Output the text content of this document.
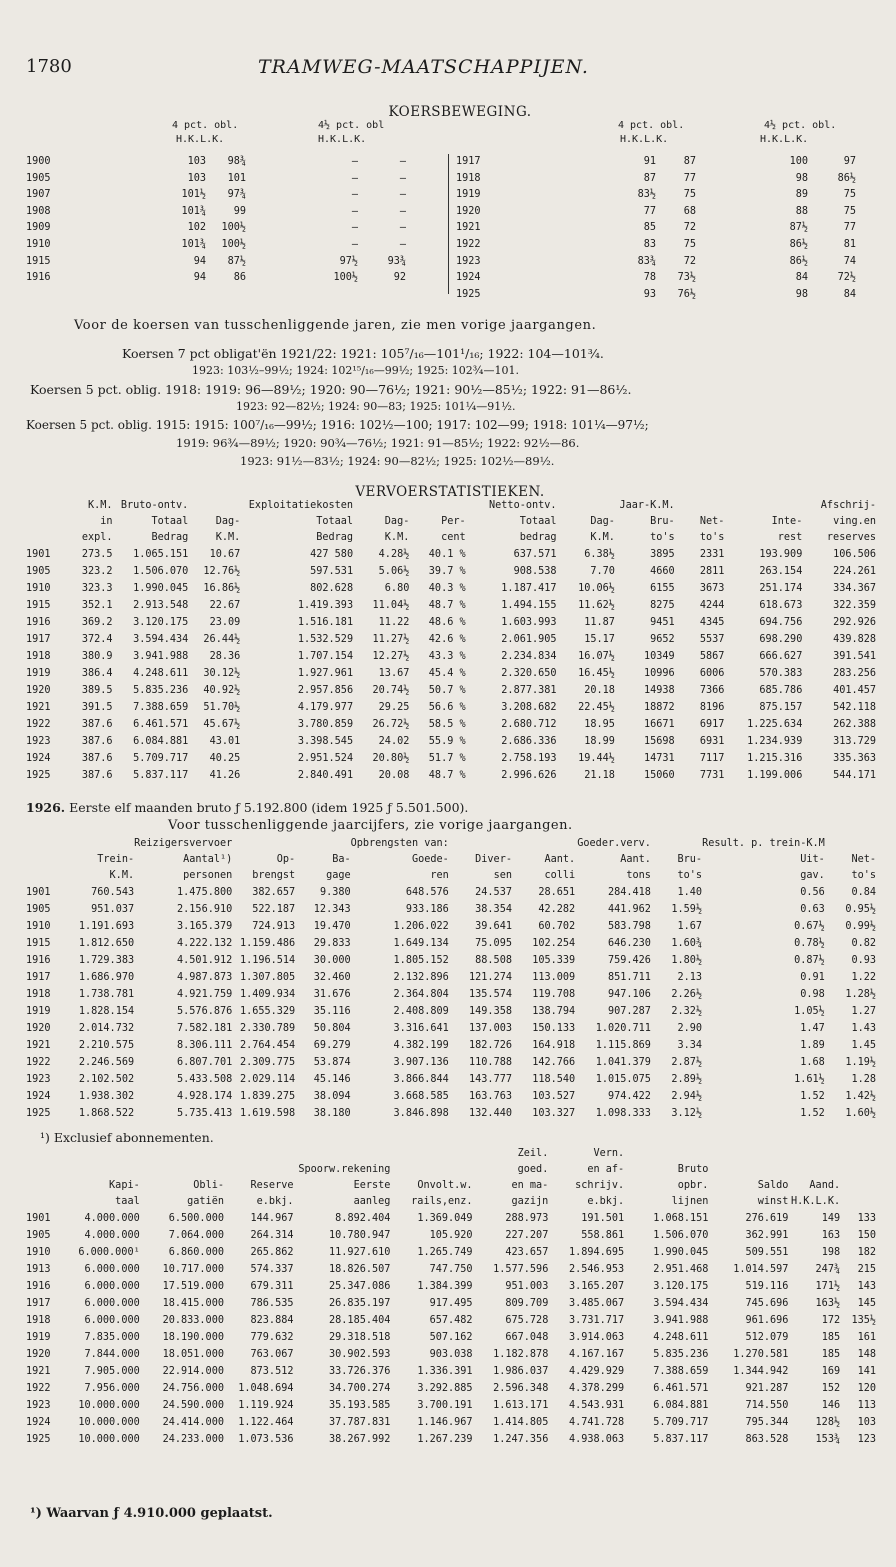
1780	TRAMWEG-MAATSCHAPPIJEN.
KOERSBEWEGING.
4 pct. obl.
H.K.L.K.
4½ pct. obl
H.K.L.K.
4 pct. obl.
H.K.L.K.
4½ pct. obl.
H.K.L.K.
1900	103	98¾	—	—
1905	103	101	—	—
1907	101½	97¾	—	—
1908	101¾	99	—	—
1909	102	100½	—	—
1910	101¾	100½	—	—
1915	94	87½	97½	93¾
1916	94	86	100½	92
1917	91	87	100	97
1918	87	77	98	86½
1919	83½	75	89	75
1920	77	68	88	75
1921	85	72	87½	77
1922	83	75	86½	81
1923	83¾	72	86½	74
1924	78	73½	84	72½
1925	93	76½	98	84
Voor de koersen van tusschenliggende jaren, zie men vorige jaargangen.
Koersen 7 pct obligat'ën 1921/22: 1921: 105⁷/₁₆—101¹/₁₆; 1922: 104—101¾.
1923: 103½–99½; 1924: 102¹⁵/₁₆—99½; 1925: 102¾—101.
Koersen 5 pct. oblig. 1918: 1919: 96—89½; 1920: 90—76½; 1921: 90½—85½; 1922: 91—86½.
1923: 92—82½; 1924: 90—83; 1925: 101¼—91½.
Koersen 5 pct. oblig. 1915: 1915: 100⁷/₁₆—99½; 1916: 102½—100; 1917: 102—99; 1918: 101¼—97½;
1919: 96¾—89½; 1920: 90¾—76½; 1921: 91—85½; 1922: 92½—86.
1923: 91½—83½; 1924: 90—82½; 1925: 102½—89½.
VERVOERSTATISTIEKEN.
	K.M.	Bruto-ontv.		Exploitatiekosten			Netto-ontv.		Jaar-K.M.			Afschrij-
	in	Totaal	Dag-	Totaal	Dag-	Per-	Totaal	Dag-	Bru-	Net-	Inte-	ving.en
	expl.	Bedrag	K.M.	Bedrag	K.M.	cent	bedrag	K.M.	to's	to's	rest	reserves
1901	273.5	1.065.151	10.67	427 580	4.28½	40.1 %	637.571	6.38½	3895	2331	193.909	106.506
1905	323.2	1.506.070	12.76½	597.531	5.06½	39.7 %	908.538	7.70	4660	2811	263.154	224.261
1910	323.3	1.990.045	16.86½	802.628	6.80	40.3 %	1.187.417	10.06½	6155	3673	251.174	334.367
1915	352.1	2.913.548	22.67	1.419.393	11.04½	48.7 %	1.494.155	11.62½	8275	4244	618.673	322.359
1916	369.2	3.120.175	23.09	1.516.181	11.22	48.6 %	1.603.993	11.87	9451	4345	694.756	292.926
1917	372.4	3.594.434	26.44½	1.532.529	11.27½	42.6 %	2.061.905	15.17	9652	5537	698.290	439.828
1918	380.9	3.941.988	28.36	1.707.154	12.27½	43.3 %	2.234.834	16.07½	10349	5867	666.627	391.541
1919	386.4	4.248.611	30.12½	1.927.961	13.67	45.4 %	2.320.650	16.45½	10996	6006	570.383	283.256
1920	389.5	5.835.236	40.92½	2.957.856	20.74½	50.7 %	2.877.381	20.18	14938	7366	685.786	401.457
1921	391.5	7.388.659	51.70½	4.179.977	29.25	56.6 %	3.208.682	22.45½	18872	8196	875.157	542.118
1922	387.6	6.461.571	45.67½	3.780.859	26.72½	58.5 %	2.680.712	18.95	16671	6917	1.225.634	262.388
1923	387.6	6.084.881	43.01	3.398.545	24.02	55.9 %	2.686.336	18.99	15698	6931	1.234.939	313.729
1924	387.6	5.709.717	40.25	2.951.524	20.80½	51.7 %	2.758.193	19.44½	14731	7117	1.215.316	335.363
1925	387.6	5.837.117	41.26	2.840.491	20.08	48.7 %	2.996.626	21.18	15060	7731	1.199.006	544.171
1926. Eerste elf maanden bruto ƒ 5.192.800 (idem 1925 ƒ 5.501.500).
Voor tusschenliggende jaarcijfers, zie vorige jaargangen.
		Reizigersvervoer			Opbrengsten van:			Goeder.verv.		Result. p. trein-K.M	
	Trein-	Aantal¹)	Op-	Ba-	Goede-	Diver-	Aant.	Aant.	Bru-	Uit-	Net-
	K.M.	personen	brengst	gage	ren	sen	colli	tons	to's	gav.	to's
1901	760.543	1.475.800	382.657	9.380	648.576	24.537	28.651	284.418	1.40	0.56	0.84
1905	951.037	2.156.910	522.187	12.343	933.186	38.354	42.282	441.962	1.59½	0.63	0.95½
1910	1.191.693	3.165.379	724.913	19.470	1.206.022	39.641	60.702	583.798	1.67	0.67½	0.99½
1915	1.812.650	4.222.132	1.159.486	29.833	1.649.134	75.095	102.254	646.230	1.60¾	0.78½	0.82
1916	1.729.383	4.501.912	1.196.514	30.000	1.805.152	88.508	105.339	759.426	1.80½	0.87½	0.93
1917	1.686.970	4.987.873	1.307.805	32.460	2.132.896	121.274	113.009	851.711	2.13	0.91	1.22
1918	1.738.781	4.921.759	1.409.934	31.676	2.364.804	135.574	119.708	947.106	2.26½	0.98	1.28½
1919	1.828.154	5.576.876	1.655.329	35.116	2.408.809	149.358	138.794	907.287	2.32½	1.05½	1.27
1920	2.014.732	7.582.181	2.330.789	50.804	3.316.641	137.003	150.133	1.020.711	2.90	1.47	1.43
1921	2.210.575	8.306.111	2.764.454	69.279	4.382.199	182.726	164.918	1.115.869	3.34	1.89	1.45
1922	2.246.569	6.807.701	2.309.775	53.874	3.907.136	110.788	142.766	1.041.379	2.87½	1.68	1.19½
1923	2.102.502	5.433.508	2.029.114	45.146	3.866.844	143.777	118.540	1.015.075	2.89½	1.61½	1.28
1924	1.938.302	4.928.174	1.839.275	38.094	3.668.585	163.763	103.527	974.422	2.94½	1.52	1.42½
1925	1.868.522	5.735.413	1.619.598	38.180	3.846.898	132.440	103.327	1.098.333	3.12½	1.52	1.60½
¹) Exclusief abonnementen.
						Zeil.	Vern.				
				Spoorw.rekening		goed.	en af-	Bruto			
	Kapi-	Obli-	Reserve	Eerste	Onvolt.w.	en ma-	schrijv.	opbr.	Saldo	Aand.	
	taal	gatiën	e.bkj.	aanleg	rails,enz.	gazijn	e.bkj.	lijnen	winst	H.K.L.K.	
1901	4.000.000	6.500.000	144.967	8.892.404	1.369.049	288.973	191.501	1.068.151	276.619	149	133
1905	4.000.000	7.064.000	264.314	10.780.947	105.920	227.207	558.861	1.506.070	362.991	163	150
1910	6.000.000¹	6.860.000	265.862	11.927.610	1.265.749	423.657	1.894.695	1.990.045	509.551	198	182
1913	6.000.000	10.717.000	574.337	18.826.507	747.750	1.577.596	2.546.953	2.951.468	1.014.597	247¾	215
1916	6.000.000	17.519.000	679.311	25.347.086	1.384.399	951.003	3.165.207	3.120.175	519.116	171½	143
1917	6.000.000	18.415.000	786.535	26.835.197	917.495	809.709	3.485.067	3.594.434	745.696	163½	145
1918	6.000.000	20.833.000	823.884	28.185.404	657.482	675.728	3.731.717	3.941.988	961.696	172	135½
1919	7.835.000	18.190.000	779.632	29.318.518	507.162	667.048	3.914.063	4.248.611	512.079	185	161
1920	7.844.000	18.051.000	763.067	30.902.593	903.038	1.182.878	4.167.167	5.835.236	1.270.581	185	148
1921	7.905.000	22.914.000	873.512	33.726.376	1.336.391	1.986.037	4.429.929	7.388.659	1.344.942	169	141
1922	7.956.000	24.756.000	1.048.694	34.700.274	3.292.885	2.596.348	4.378.299	6.461.571	921.287	152	120
1923	10.000.000	24.590.000	1.119.924	35.193.585	3.700.191	1.613.171	4.543.931	6.084.881	714.550	146	113
1924	10.000.000	24.414.000	1.122.464	37.787.831	1.146.967	1.414.805	4.741.728	5.709.717	795.344	128½	103
1925	10.000.000	24.233.000	1.073.536	38.267.992	1.267.239	1.247.356	4.938.063	5.837.117	863.528	153¾	123
¹) Waarvan ƒ 4.910.000 geplaatst.
